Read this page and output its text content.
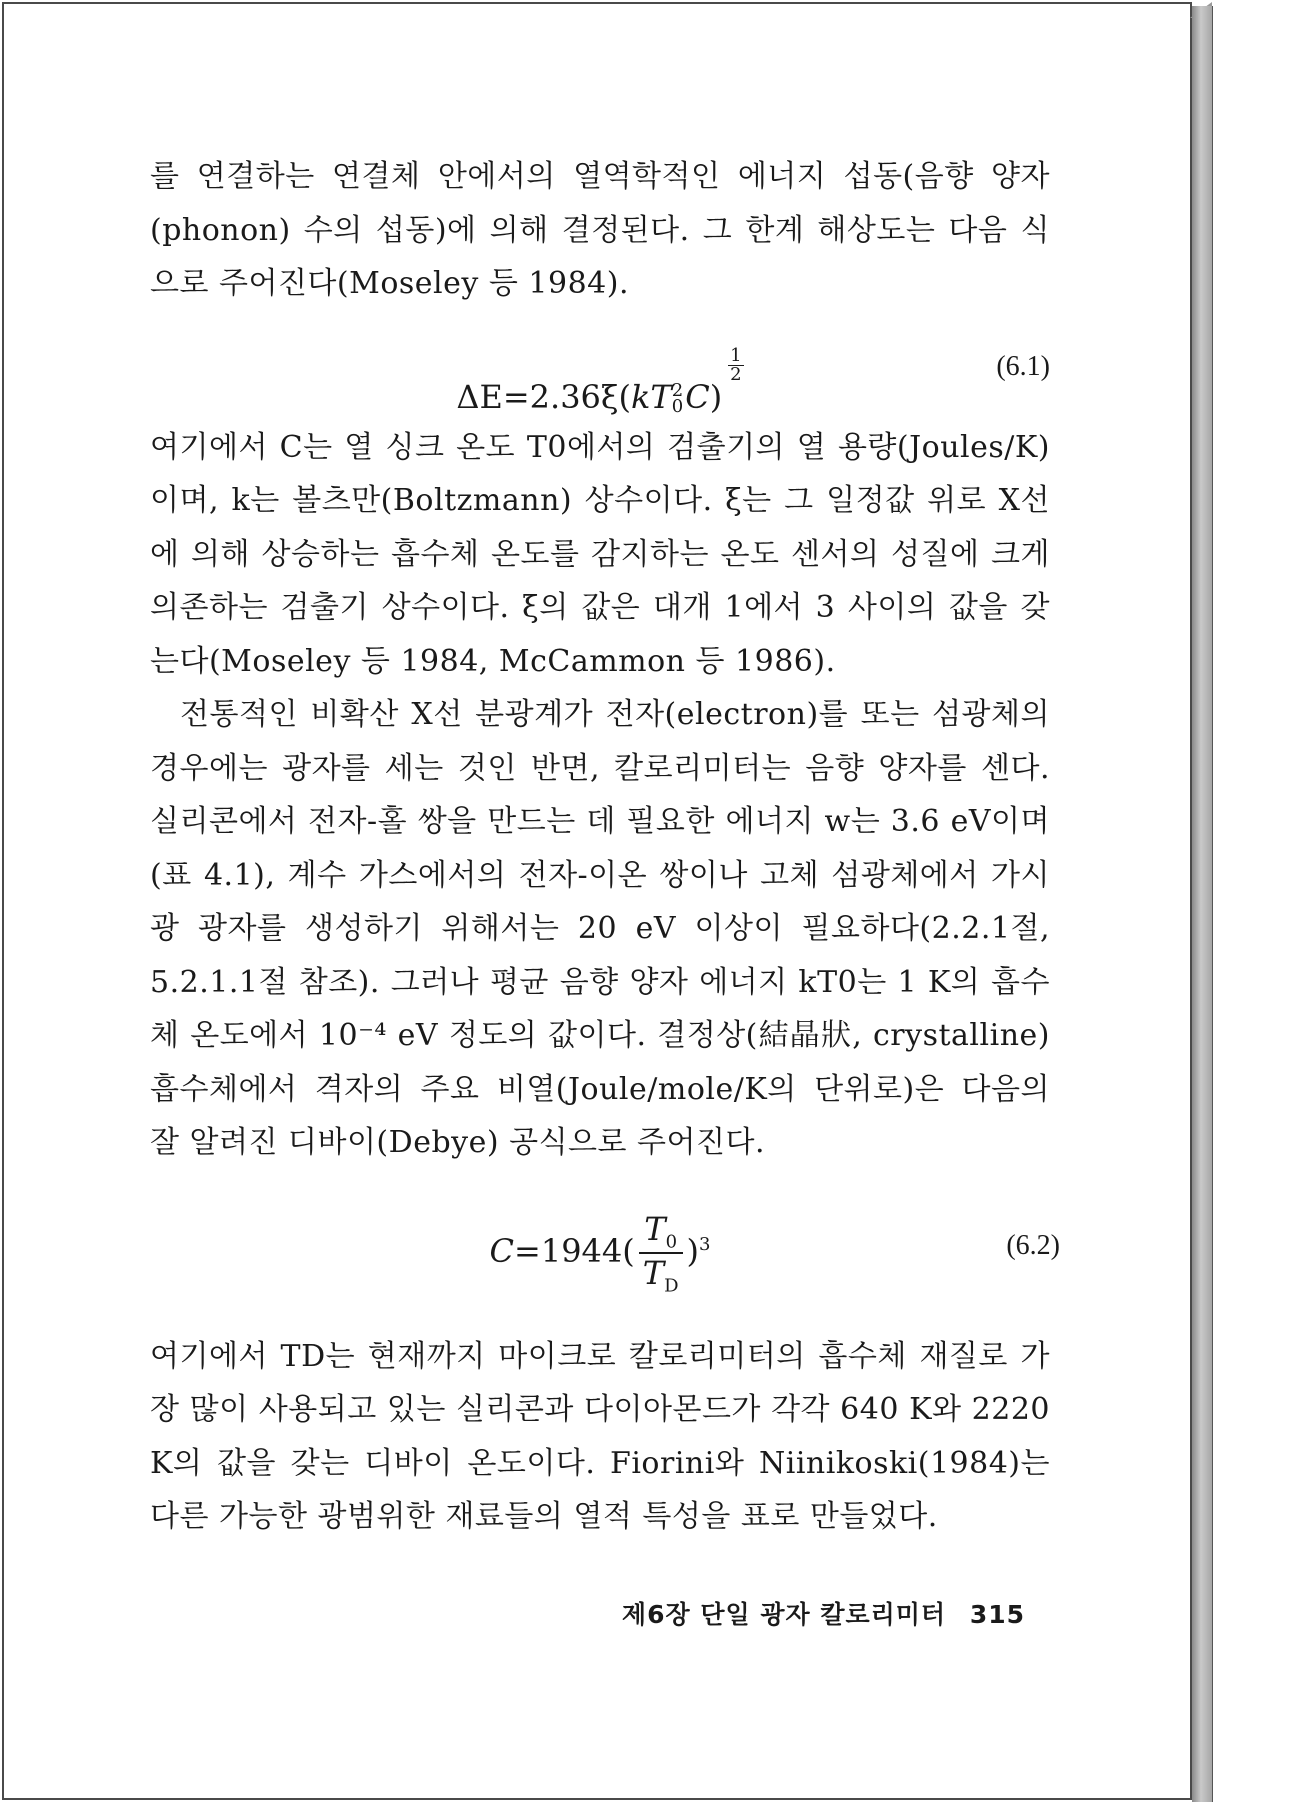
를 연결하는 연결체 안에서의 열역학적인 에너지 섭동(음향 양자(phonon) 수의 섭동)에 의해 결정된다. 그 한계 해상도는 다음 식으로 주어진다(Moseley 등 1984).

ΔE=2.36ξ(kT 2
0 C)
$\frac{1}{2}$	(6.1)

여기에서 C는 열 싱크 온도 T0에서의 검출기의 열 용량(Joules/K)이며, k는 볼츠만(Boltzmann) 상수이다. ξ는 그 일정값 위로 X선에 의해 상승하는 흡수체 온도를 감지하는 온도 센서의 성질에 크게 의존하는 검출기 상수이다. ξ의 값은 대개 1에서 3 사이의 값을 갖는다(Moseley 등 1984, McCammon 등 1986).

전통적인 비확산 X선 분광계가 전자(electron)를 또는 섬광체의 경우에는 광자를 세는 것인 반면, 칼로리미터는 음향 양자를 센다. 실리콘에서 전자-홀 쌍을 만드는 데 필요한 에너지 w는 3.6 eV이며(표 4.1), 계수 가스에서의 전자-이온 쌍이나 고체 섬광체에서 가시광 광자를 생성하기 위해서는 20 eV 이상이 필요하다(2.2.1절, 5.2.1.1절 참조). 그러나 평균 음향 양자 에너지 kT0는 1 K의 흡수체 온도에서 10⁻⁴ eV 정도의 값이다. 결정상(結晶狀, crystalline) 흡수체에서 격자의 주요 비열(Joule/mole/K의 단위로)은 다음의 잘 알려진 디바이(Debye) 공식으로 주어진다.

$C=1944( \frac{T_0}{T_D} )^3$	(6.2)

여기에서 TD는 현재까지 마이크로 칼로리미터의 흡수체 재질로 가장 많이 사용되고 있는 실리콘과 다이아몬드가 각각 640 K와 2220 K의 값을 갖는 디바이 온도이다. Fiorini와 Niinikoski(1984)는 다른 가능한 광범위한 재료들의 열적 특성을 표로 만들었다.

제6장 단일 광자 칼로리미터 315
